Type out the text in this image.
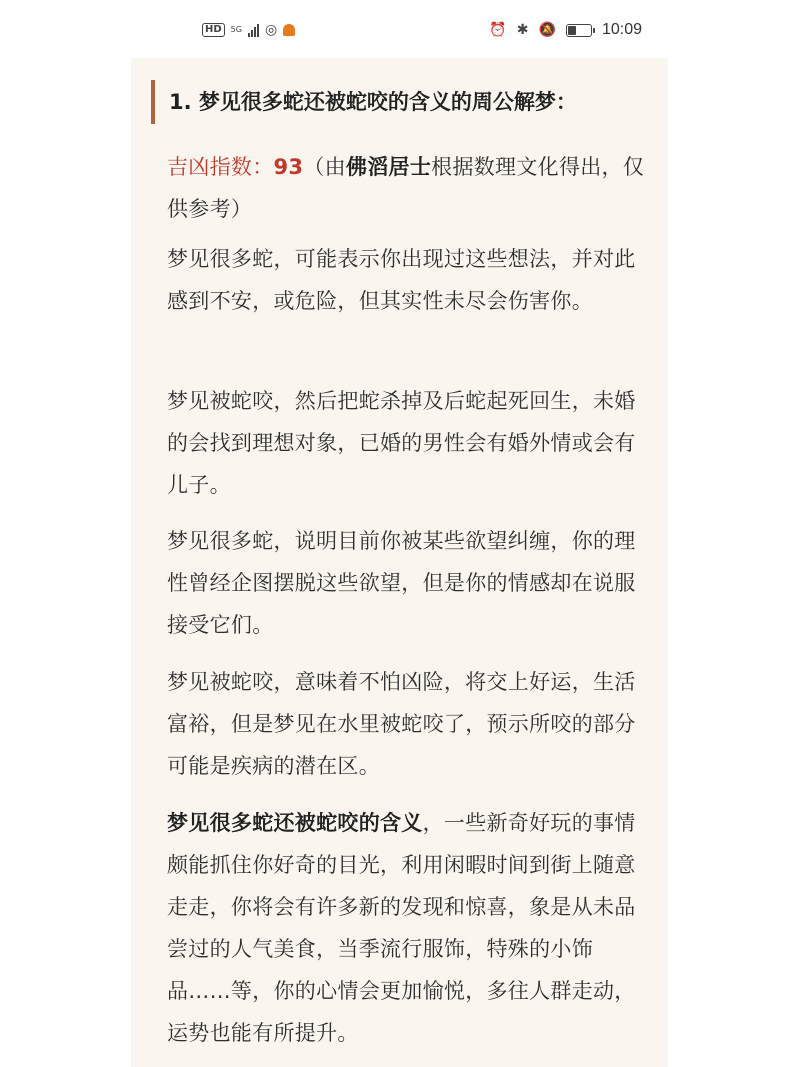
HD	5G ◎	⏰ ✱ 🔕	10:09
1. 梦见很多蛇还被蛇咬的含义的周公解梦：
吉凶指数：93（由佛滔居士根据数理文化得出，仅供参考）
梦见很多蛇，可能表示你出现过这些想法，并对此感到不安，或危险，但其实性未尽会伤害你。
梦见被蛇咬，然后把蛇杀掉及后蛇起死回生，未婚的会找到理想对象，已婚的男性会有婚外情或会有儿子。
梦见很多蛇，说明目前你被某些欲望纠缠，你的理性曾经企图摆脱这些欲望，但是你的情感却在说服接受它们。
梦见被蛇咬，意味着不怕凶险，将交上好运，生活富裕，但是梦见在水里被蛇咬了，预示所咬的部分可能是疾病的潜在区。
梦见很多蛇还被蛇咬的含义，一些新奇好玩的事情颇能抓住你好奇的目光，利用闲暇时间到街上随意走走，你将会有许多新的发现和惊喜，象是从未品尝过的人气美食，当季流行服饰，特殊的小饰品……等，你的心情会更加愉悦，多往人群走动，运势也能有所提升。
